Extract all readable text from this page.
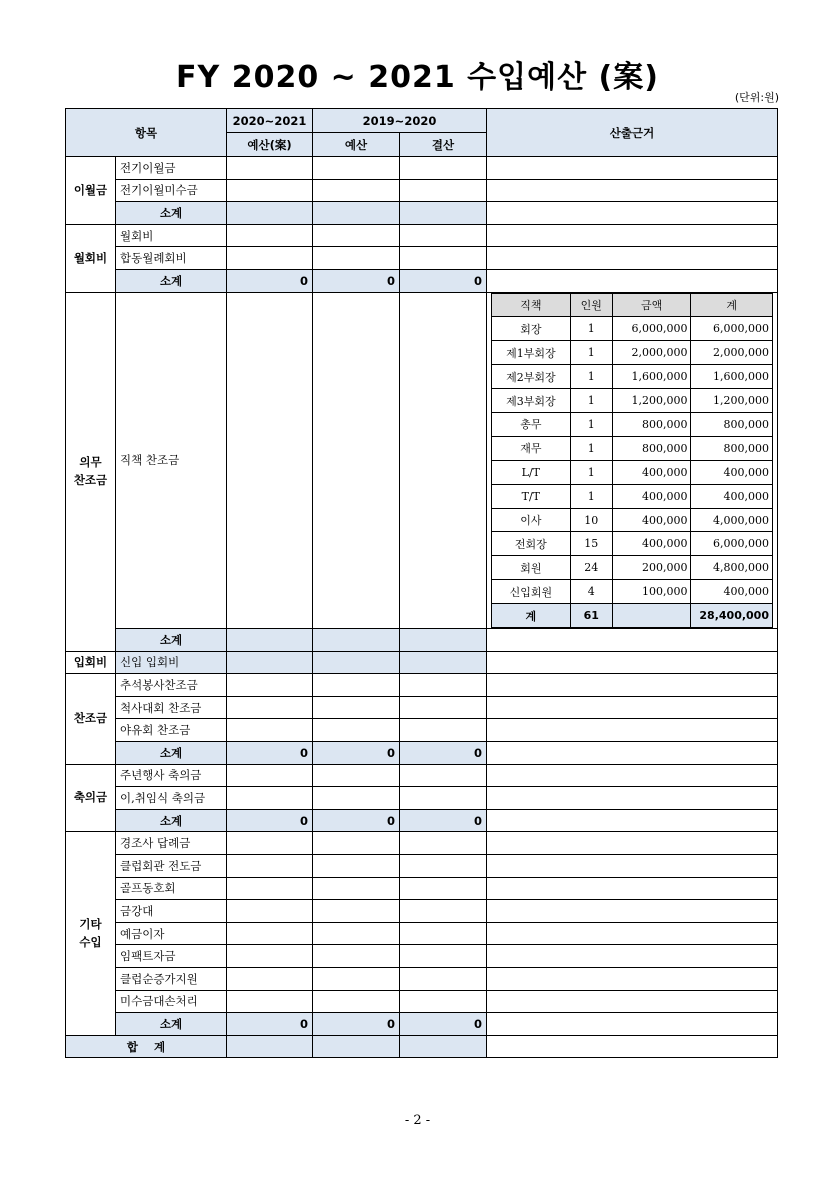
FY 2020 ~ 2021 수입예산 (案)
(단위:원)
항목	2020~2021	2019~2020	산출근거
예산(案)	예산	결산
이월금	전기이월금				
전기이월미수금				
소계				
월회비	월회비				
합동월례회비				
소계	0	0	0	
의무
찬조금	직책 찬조금				
직책	인원	금액	계
회장	1	6,000,000	6,000,000
제1부회장	1	2,000,000	2,000,000
제2부회장	1	1,600,000	1,600,000
제3부회장	1	1,200,000	1,200,000
총무	1	800,000	800,000
재무	1	800,000	800,000
L/T	1	400,000	400,000
T/T	1	400,000	400,000
이사	10	400,000	4,000,000
전회장	15	400,000	6,000,000
회원	24	200,000	4,800,000
신입회원	4	100,000	400,000
계	61		28,400,000

소계				
입회비	신입 입회비				
찬조금	추석봉사찬조금				
척사대회 찬조금				
야유회 찬조금				
소계	0	0	0	
축의금	주년행사 축의금				
이,취임식 축의금				
소계	0	0	0	
기타
수입	경조사 답례금				
클럽회관 전도금				
골프동호회				
금강대				
예금이자				
임팩트자금				
클럽순증가지원				
미수금대손처리				
소계	0	0	0	
합    계				
- 2 -
